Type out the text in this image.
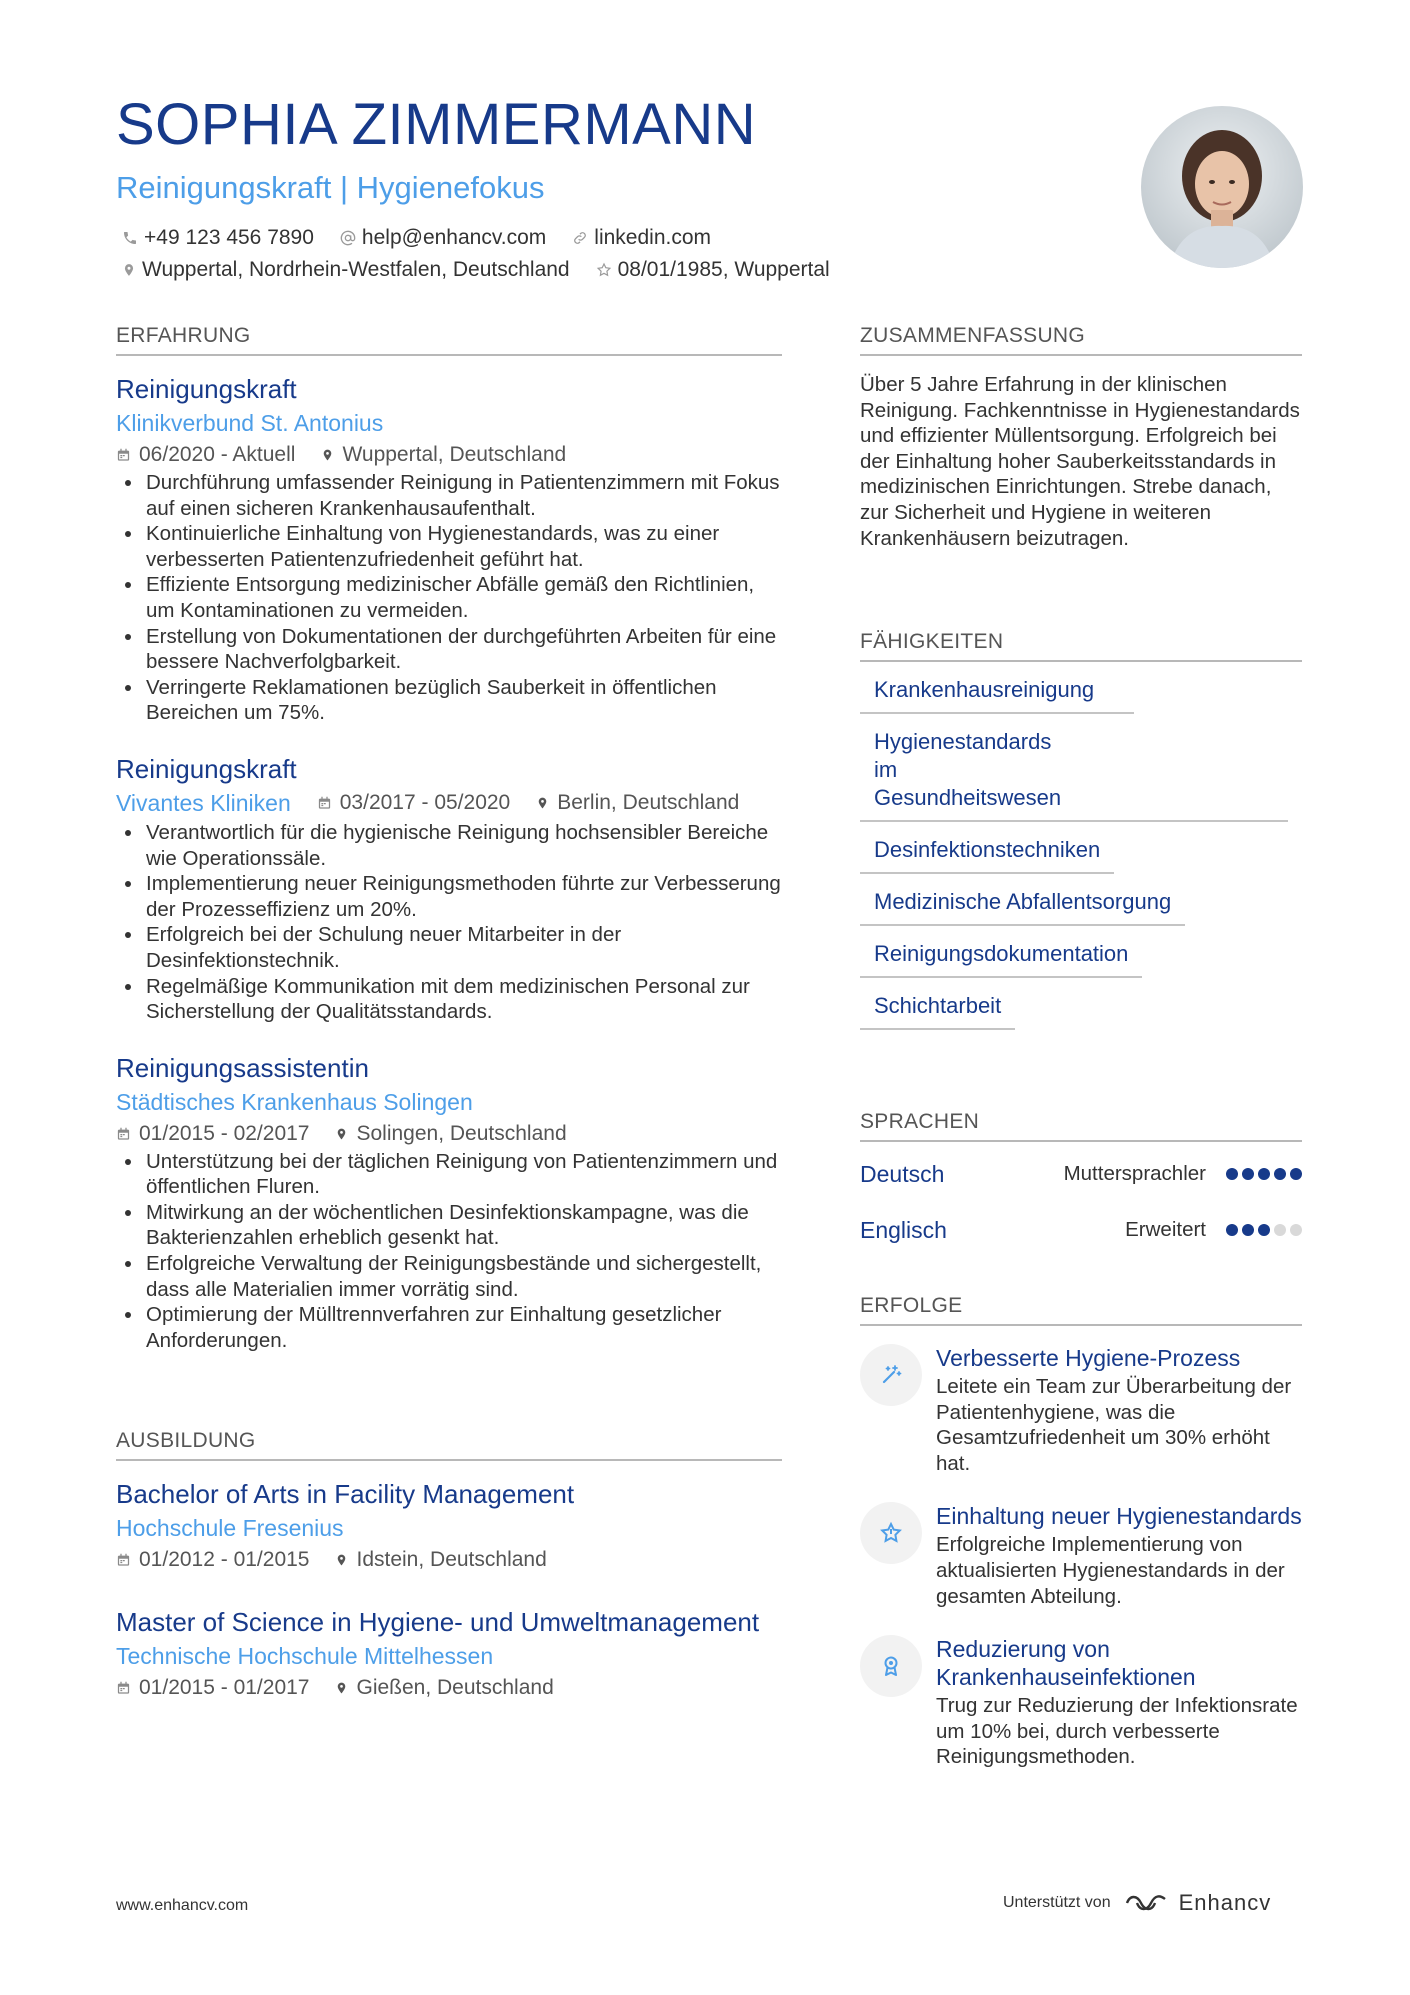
SOPHIA ZIMMERMANN
Reinigungskraft | Hygienefokus
+49 123 456 7890 help@enhancv.com linkedin.com
Wuppertal, Nordrhein-Westfalen, Deutschland 08/01/1985, Wuppertal
ERFAHRUNG
Reinigungskraft
Klinikverbund St. Antonius
06/2020 - Aktuell Wuppertal, Deutschland
• Durchführung umfassender Reinigung in Patientenzimmern mit Fokus auf einen sicheren Krankenhausaufenthalt.
• Kontinuierliche Einhaltung von Hygienestandards, was zu einer verbesserten Patientenzufriedenheit geführt hat.
• Effiziente Entsorgung medizinischer Abfälle gemäß den Richtlinien, um Kontaminationen zu vermeiden.
• Erstellung von Dokumentationen der durchgeführten Arbeiten für eine bessere Nachverfolgbarkeit.
• Verringerte Reklamationen bezüglich Sauberkeit in öffentlichen Bereichen um 75%.
Reinigungskraft
Vivantes Kliniken 03/2017 - 05/2020 Berlin, Deutschland
• Verantwortlich für die hygienische Reinigung hochsensibler Bereiche wie Operationssäle.
• Implementierung neuer Reinigungsmethoden führte zur Verbesserung der Prozesseffizienz um 20%.
• Erfolgreich bei der Schulung neuer Mitarbeiter in der Desinfektionstechnik.
• Regelmäßige Kommunikation mit dem medizinischen Personal zur Sicherstellung der Qualitätsstandards.
Reinigungsassistentin
Städtisches Krankenhaus Solingen
01/2015 - 02/2017 Solingen, Deutschland
• Unterstützung bei der täglichen Reinigung von Patientenzimmern und öffentlichen Fluren.
• Mitwirkung an der wöchentlichen Desinfektionskampagne, was die Bakterienzahlen erheblich gesenkt hat.
• Erfolgreiche Verwaltung der Reinigungsbestände und sichergestellt, dass alle Materialien immer vorrätig sind.
• Optimierung der Mülltrennverfahren zur Einhaltung gesetzlicher Anforderungen.
AUSBILDUNG
Bachelor of Arts in Facility Management
Hochschule Fresenius
01/2012 - 01/2015 Idstein, Deutschland
Master of Science in Hygiene- und Umweltmanagement
Technische Hochschule Mittelhessen
01/2015 - 01/2017 Gießen, Deutschland
ZUSAMMENFASSUNG
Über 5 Jahre Erfahrung in der klinischen Reinigung. Fachkenntnisse in Hygienestandards und effizienter Müllentsorgung. Erfolgreich bei der Einhaltung hoher Sauberkeitsstandards in medizinischen Einrichtungen. Strebe danach, zur Sicherheit und Hygiene in weiteren Krankenhäusern beizutragen.
FÄHIGKEITEN
Krankenhausreinigung
Hygienestandards im Gesundheitswesen
Desinfektionstechniken
Medizinische Abfallentsorgung
Reinigungsdokumentation
Schichtarbeit
SPRACHEN
Deutsch	Muttersprachler
Englisch	Erweitert
ERFOLGE
Verbesserte Hygiene-Prozess
Leitete ein Team zur Überarbeitung der Patientenhygiene, was die Gesamtzufriedenheit um 30% erhöht hat.
Einhaltung neuer Hygienestandards
Erfolgreiche Implementierung von aktualisierten Hygienestandards in der gesamten Abteilung.
Reduzierung von Krankenhauseinfektionen
Trug zur Reduzierung der Infektionsrate um 10% bei, durch verbesserte Reinigungsmethoden.
www.enhancv.com	Unterstützt von	Enhancv
